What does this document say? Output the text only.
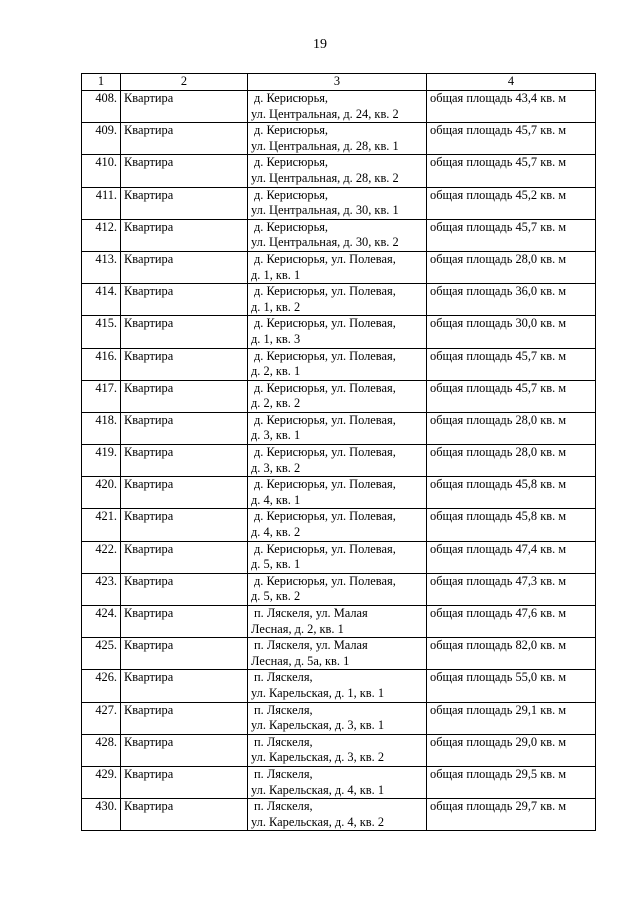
19
1	2	3	4
408.	Квартира	д. Керисюрья,
ул. Центральная, д. 24, кв. 2	общая площадь 43,4 кв. м
409.	Квартира	д. Керисюрья,
ул. Центральная, д. 28, кв. 1	общая площадь 45,7 кв. м
410.	Квартира	д. Керисюрья,
ул. Центральная, д. 28, кв. 2	общая площадь 45,7 кв. м
411.	Квартира	д. Керисюрья,
ул. Центральная, д. 30, кв. 1	общая площадь 45,2 кв. м
412.	Квартира	д. Керисюрья,
ул. Центральная, д. 30, кв. 2	общая площадь 45,7 кв. м
413.	Квартира	д. Керисюрья, ул. Полевая,
д. 1, кв. 1	общая площадь 28,0 кв. м
414.	Квартира	д. Керисюрья, ул. Полевая,
д. 1, кв. 2	общая площадь 36,0 кв. м
415.	Квартира	д. Керисюрья, ул. Полевая,
д. 1, кв. 3	общая площадь 30,0 кв. м
416.	Квартира	д. Керисюрья, ул. Полевая,
д. 2, кв. 1	общая площадь 45,7 кв. м
417.	Квартира	д. Керисюрья, ул. Полевая,
д. 2, кв. 2	общая площадь 45,7 кв. м
418.	Квартира	д. Керисюрья, ул. Полевая,
д. 3, кв. 1	общая площадь 28,0 кв. м
419.	Квартира	д. Керисюрья, ул. Полевая,
д. 3, кв. 2	общая площадь 28,0 кв. м
420.	Квартира	д. Керисюрья, ул. Полевая,
д. 4, кв. 1	общая площадь 45,8 кв. м
421.	Квартира	д. Керисюрья, ул. Полевая,
д. 4, кв. 2	общая площадь 45,8 кв. м
422.	Квартира	д. Керисюрья, ул. Полевая,
д. 5, кв. 1	общая площадь 47,4 кв. м
423.	Квартира	д. Керисюрья, ул. Полевая,
д. 5, кв. 2	общая площадь 47,3 кв. м
424.	Квартира	п. Ляскеля, ул. Малая
Лесная, д. 2, кв. 1	общая площадь 47,6 кв. м
425.	Квартира	п. Ляскеля, ул. Малая
Лесная, д. 5а, кв. 1	общая площадь 82,0 кв. м
426.	Квартира	п. Ляскеля,
ул. Карельская, д. 1, кв. 1	общая площадь 55,0 кв. м
427.	Квартира	п. Ляскеля,
ул. Карельская, д. 3, кв. 1	общая площадь 29,1 кв. м
428.	Квартира	п. Ляскеля,
ул. Карельская, д. 3, кв. 2	общая площадь 29,0 кв. м
429.	Квартира	п. Ляскеля,
ул. Карельская, д. 4, кв. 1	общая площадь 29,5 кв. м
430.	Квартира	п. Ляскеля,
ул. Карельская, д. 4, кв. 2	общая площадь 29,7 кв. м
